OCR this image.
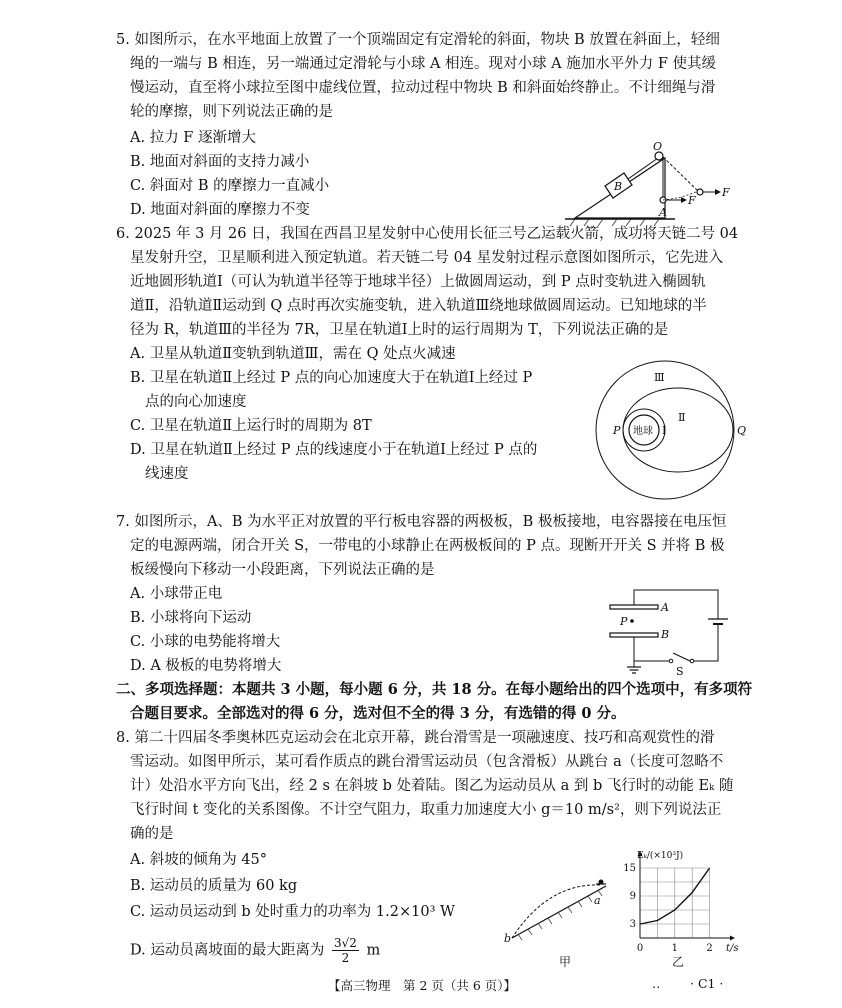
5. 如图所示，在水平地面上放置了一个顶端固定有定滑轮的斜面，物块 B 放置在斜面上，轻细
绳的一端与 B 相连，另一端通过定滑轮与小球 A 相连。现对小球 A 施加水平外力 F 使其缓
慢运动，直至将小球拉至图中虚线位置，拉动过程中物块 B 和斜面始终静止。不计细绳与滑
轮的摩擦，则下列说法正确的是
A. 拉力 F 逐渐增大
B. 地面对斜面的支持力减小
C. 斜面对 B 的摩擦力一直减小
D. 地面对斜面的摩擦力不变
B
O
A
F
F
6. 2025 年 3 月 26 日，我国在西昌卫星发射中心使用长征三号乙运载火箭，成功将天链二号 04
星发射升空，卫星顺利进入预定轨道。若天链二号 04 星发射过程示意图如图所示，它先进入
近地圆形轨道Ⅰ（可认为轨道半径等于地球半径）上做圆周运动，到 P 点时变轨进入椭圆轨
道Ⅱ，沿轨道Ⅱ运动到 Q 点时再次实施变轨，进入轨道Ⅲ绕地球做圆周运动。已知地球的半
径为 R，轨道Ⅲ的半径为 7R，卫星在轨道Ⅰ上时的运行周期为 T，下列说法正确的是
A. 卫星从轨道Ⅱ变轨到轨道Ⅲ，需在 Q 处点火减速
B. 卫星在轨道Ⅱ上经过 P 点的向心加速度大于在轨道Ⅰ上经过 P
点的向心加速度
C. 卫星在轨道Ⅱ上运行时的周期为 8T
D. 卫星在轨道Ⅱ上经过 P 点的线速度小于在轨道Ⅰ上经过 P 点的
线速度
地球 Ⅰ
Ⅱ
Ⅲ
P	Q
7. 如图所示，A、B 为水平正对放置的平行板电容器的两极板，B 极板接地，电容器接在电压恒
定的电源两端，闭合开关 S，一带电的小球静止在两极板间的 P 点。现断开开关 S 并将 B 极
板缓慢向下移动一小段距离，下列说法正确的是
A. 小球带正电
B. 小球将向下运动
C. 小球的电势能将增大
D. A 极板的电势将增大
A
B
P
S
二、多项选择题：本题共 3 小题，每小题 6 分，共 18 分。在每小题给出的四个选项中，有多项符
合题目要求。全部选对的得 6 分，选对但不全的得 3 分，有选错的得 0 分。
8. 第二十四届冬季奥林匹克运动会在北京开幕，跳台滑雪是一项融速度、技巧和高观赏性的滑
雪运动。如图甲所示，某可看作质点的跳台滑雪运动员（包含滑板）从跳台 a（长度可忽略不
计）处沿水平方向飞出，经 2 s 在斜坡 b 处着陆。图乙为运动员从 a 到 b 飞行时的动能 Eₖ 随
飞行时间 t 变化的关系图像。不计空气阻力，取重力加速度大小 g＝10 m/s²，则下列说法正
确的是
A. 斜坡的倾角为 45°
B. 运动员的质量为 60 kg
C. 运动员运动到 b 处时重力的功率为 1.2×10³ W
D. 运动员离坡面的最大距离为 $\frac{3√2}{2}$ m
a
b
甲
Eₖ/(×10³J)
t/s
3
9
15
0	1	2
乙
【高三物理　第 2 页（共 6 页）】	‥ · C1 ·
